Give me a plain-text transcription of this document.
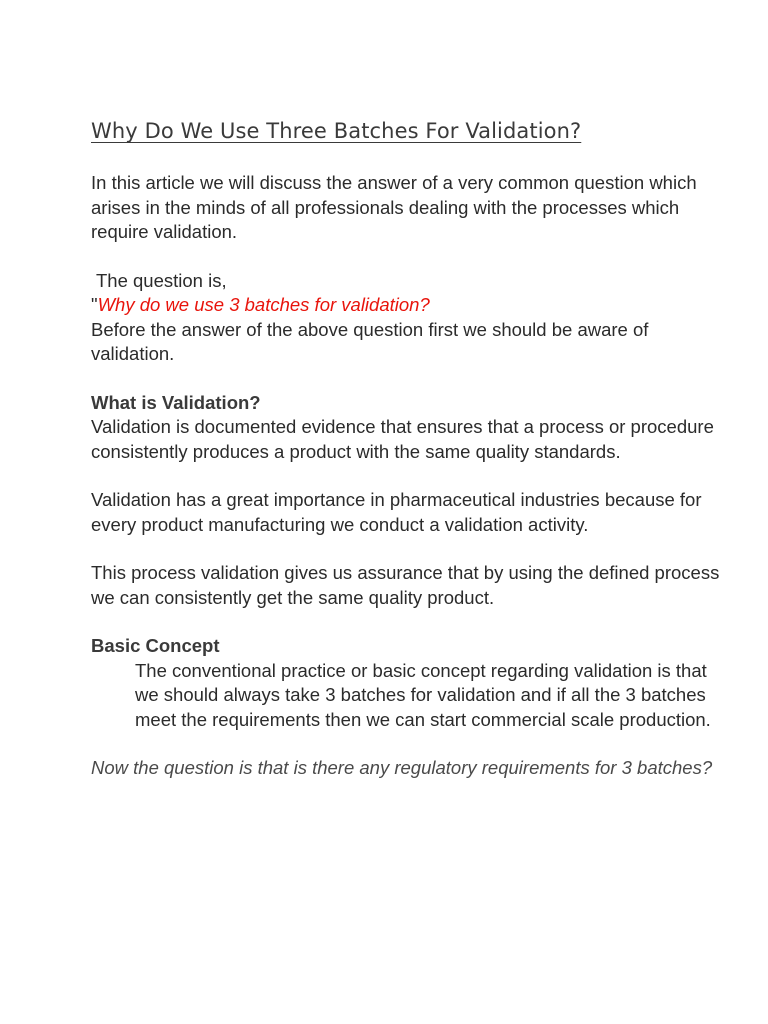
Why Do We Use Three Batches For Validation?

In this article we will discuss the answer of a very common question which arises in the minds of all professionals dealing with the processes which require validation.

The question is,

"Why do we use 3 batches for validation?

Before the answer of the above question first we should be aware of validation.

What is Validation?

Validation is documented evidence that ensures that a process or procedure consistently produces a product with the same quality standards.

Validation has a great importance in pharmaceutical industries because for every product manufacturing we conduct a validation activity.

This process validation gives us assurance that by using the defined process we can consistently get the same quality product.

Basic Concept

The conventional practice or basic concept regarding validation is that we should always take 3 batches for validation and if all the 3 batches meet the requirements then we can start commercial scale production.

Now the question is that is there any regulatory requirements for 3 batches?
